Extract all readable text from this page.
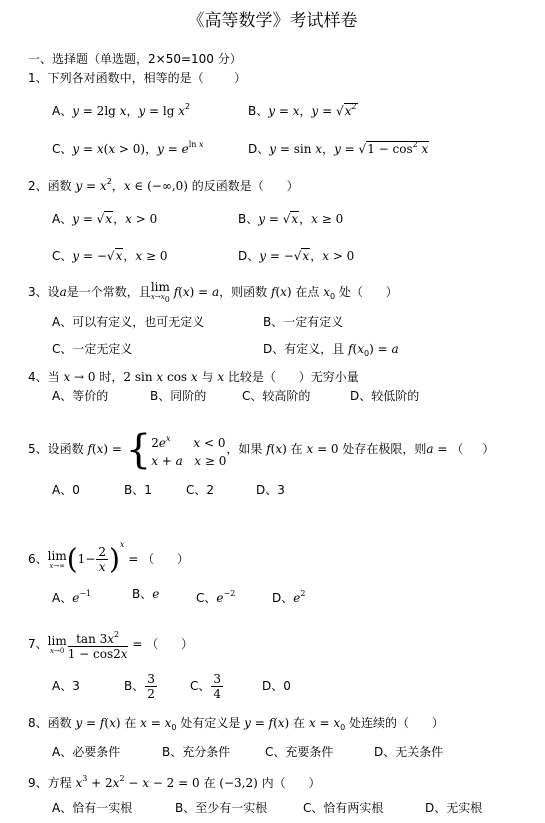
《高等数学》考试样卷
一、选择题（单选题，2×50=100 分）
1、下列各对函数中，相等的是（        ）
A、y = 2lg x，$y = \lg x^2$	B、y = x，$y = √x^2$
C、y = x(x > 0)，$y = e^{ln x}$	D、y = sin x，$y = √1 - \cos^2 x$
2、函数 $y = x^2$，x ∈ (−∞,0) 的反函数是（      ）
A、y = √x，x > 0	B、y = √x，x ≥ 0
C、y = −√x，x ≥ 0	D、y = −√x，x > 0
3、设a是一个常数，且lim
$x\to x_0$
f(x) = a，则函数 f(x) 在点 $x_0$ 处（      ）
A、可以有定义，也可无定义	B、一定有定义
C、一定无定义	D、有定义，且 $f(x_0) = a$
4、当 x → 0 时，2 sin x cos x 与 x 比较是（      ）无穷小量
A、等价的	B、同阶的	C、较高阶的	D、较低阶的
5、设函数 $f(x) = \{2e^x$ x < 0
x + a x ≥ 0，如果 f(x) 在 x = 0 处存在极限，则a = （     ）
A、0	B、1	C、2	D、3
6、lim
x→∞ $(1- \frac{2}{x} )^x$ = （      ）
A、$e^{-1}$	B、e	C、$e^{-2}$	D、$e^2$
7、lim
$x\to 0 \frac{\tan 3x^2}{1 - \cos 2x}$ = （      ）
A、3	B、 $\frac{3}{2}$	C、 $\frac{3}{4}$	D、0
8、函数 y = f(x) 在 $x = x_0$ 处有定义是 y = f(x) 在 $x = x_0$ 处连续的（      ）
A、必要条件	B、充分条件	C、充要条件	D、无关条件
9、方程 $x^3 + 2x^2 - x - 2 = 0$ 在 (−3,2) 内（      ）
A、恰有一实根	B、至少有一实根	C、恰有两实根	D、无实根
